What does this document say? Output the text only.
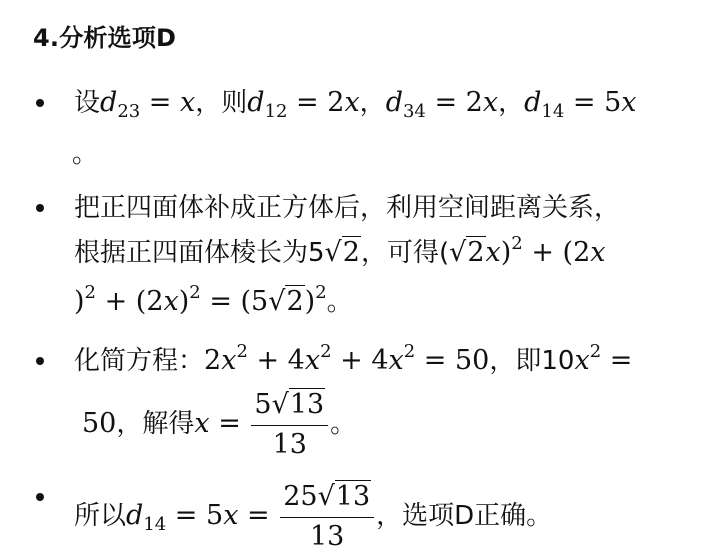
4.分析选项D
设$d_{23} = x$，则$d_{12} = 2x$，$d_{34} = 2x$，$d_{14} = 5x$
。
把正四面体补成正方体后，利用空间距离关系，
根据正四面体棱长为5√2，可得$(√2x)^2 + (2x$
)$^2 + (2x)^2 = (5√2)^2$。
化简方程：$2x^2 + 4x^2 + 4x^2 = 50$，即$10x^2$ =
50，解得$x = \frac{5√13}{13}$ 。
所以$d_{14} = 5x = \frac{25√13}{13}$ ，选项D正确。
